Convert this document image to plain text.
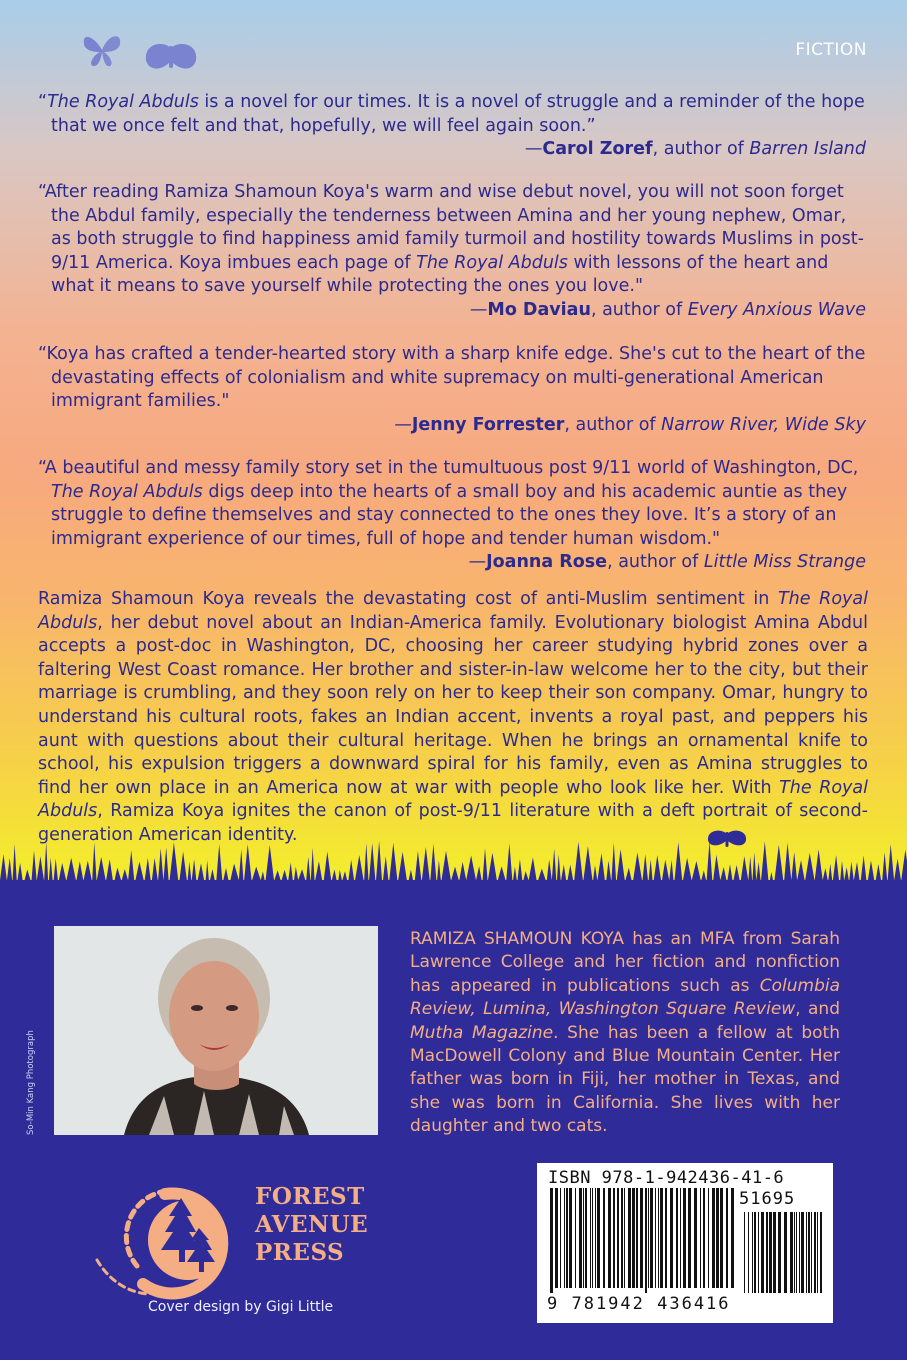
FICTION
“The Royal Abduls is a novel for our times. It is a novel of struggle and a reminder of the hope that we once felt and that, hopefully, we will feel again soon.”
—Carol Zoref, author of Barren Island
“After reading Ramiza Shamoun Koya's warm and wise debut novel, you will not soon forget the Abdul family, especially the tenderness between Amina and her young nephew, Omar, as both struggle to find happiness amid family turmoil and hostility towards Muslims in post-9/11 America. Koya imbues each page of The Royal Abduls with lessons of the heart and what it means to save yourself while protecting the ones you love."
—Mo Daviau, author of Every Anxious Wave
“Koya has crafted a tender-hearted story with a sharp knife edge. She's cut to the heart of the devastating effects of colonialism and white supremacy on multi-generational American immigrant families."
—Jenny Forrester, author of Narrow River, Wide Sky
“A beautiful and messy family story set in the tumultuous post 9/11 world of Washington, DC, The Royal Abduls digs deep into the hearts of a small boy and his academic auntie as they struggle to define themselves and stay connected to the ones they love. It’s a story of an immigrant experience of our times, full of hope and tender human wisdom."
—Joanna Rose, author of Little Miss Strange
Ramiza Shamoun Koya reveals the devastating cost of anti-Muslim sentiment in The Royal Abduls, her debut novel about an Indian-America family. Evolutionary biologist Amina Abdul accepts a post-doc in Washington, DC, choosing her career studying hybrid zones over a faltering West Coast romance. Her brother and sister-in-law welcome her to the city, but their marriage is crumbling, and they soon rely on her to keep their son company. Omar, hungry to understand his cultural roots, fakes an Indian accent, invents a royal past, and peppers his aunt with questions about their cultural heritage. When he brings an ornamental knife to school, his expulsion triggers a downward spiral for his family, even as Amina struggles to find her own place in an America now at war with people who look like her. With The Royal Abduls, Ramiza Koya ignites the canon of post-9/11 literature with a deft portrait of second-generation American identity.
So-Min Kang Photograph
RAMIZA SHAMOUN KOYA has an MFA from Sarah Lawrence College and her fiction and nonfiction has appeared in publications such as Columbia Review, Lumina, Washington Square Review, and Mutha Magazine. She has been a fellow at both MacDowell Colony and Blue Mountain Center. Her father was born in Fiji, her mother in Texas, and she was born in California. She lives with her daughter and two cats.
FOREST
AVENUE
PRESS
Cover design by Gigi Little
ISBN 978-1-942436-41-6
51695
9 781942 436416
